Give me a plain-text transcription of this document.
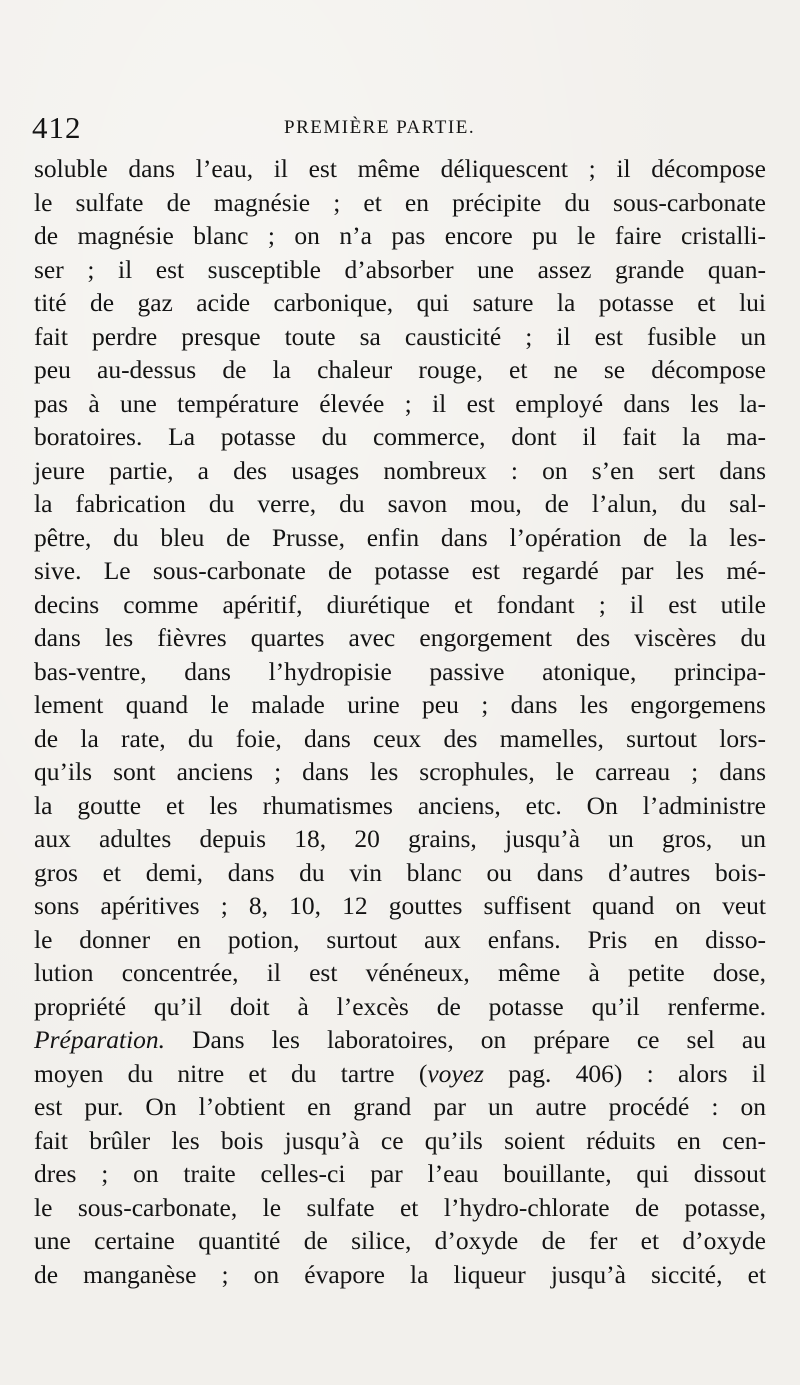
412	PREMIÈRE PARTIE.
soluble dans l’eau, il est même déliquescent ; il décompose
le sulfate de magnésie ; et en précipite du sous-carbonate
de magnésie blanc ; on n’a pas encore pu le faire cristalli-
ser ; il est susceptible d’absorber une assez grande quan-
tité de gaz acide carbonique, qui sature la potasse et lui
fait perdre presque toute sa causticité ; il est fusible un
peu au-dessus de la chaleur rouge, et ne se décompose
pas à une température élevée ; il est employé dans les la-
boratoires. La potasse du commerce, dont il fait la ma-
jeure partie, a des usages nombreux : on s’en sert dans
la fabrication du verre, du savon mou, de l’alun, du sal-
pêtre, du bleu de Prusse, enfin dans l’opération de la les-
sive. Le sous-carbonate de potasse est regardé par les mé-
decins comme apéritif, diurétique et fondant ; il est utile
dans les fièvres quartes avec engorgement des viscères du
bas-ventre, dans l’hydropisie passive atonique, principa-
lement quand le malade urine peu ; dans les engorgemens
de la rate, du foie, dans ceux des mamelles, surtout lors-
qu’ils sont anciens ; dans les scrophules, le carreau ; dans
la goutte et les rhumatismes anciens, etc. On l’administre
aux adultes depuis 18, 20 grains, jusqu’à un gros, un
gros et demi, dans du vin blanc ou dans d’autres bois-
sons apéritives ; 8, 10, 12 gouttes suffisent quand on veut
le donner en potion, surtout aux enfans. Pris en disso-
lution concentrée, il est vénéneux, même à petite dose,
propriété qu’il doit à l’excès de potasse qu’il renferme.
Préparation. Dans les laboratoires, on prépare ce sel au
moyen du nitre et du tartre (voyez pag. 406) : alors il
est pur. On l’obtient en grand par un autre procédé : on
fait brûler les bois jusqu’à ce qu’ils soient réduits en cen-
dres ; on traite celles-ci par l’eau bouillante, qui dissout
le sous-carbonate, le sulfate et l’hydro-chlorate de potasse,
une certaine quantité de silice, d’oxyde de fer et d’oxyde
de manganèse ; on évapore la liqueur jusqu’à siccité, et
